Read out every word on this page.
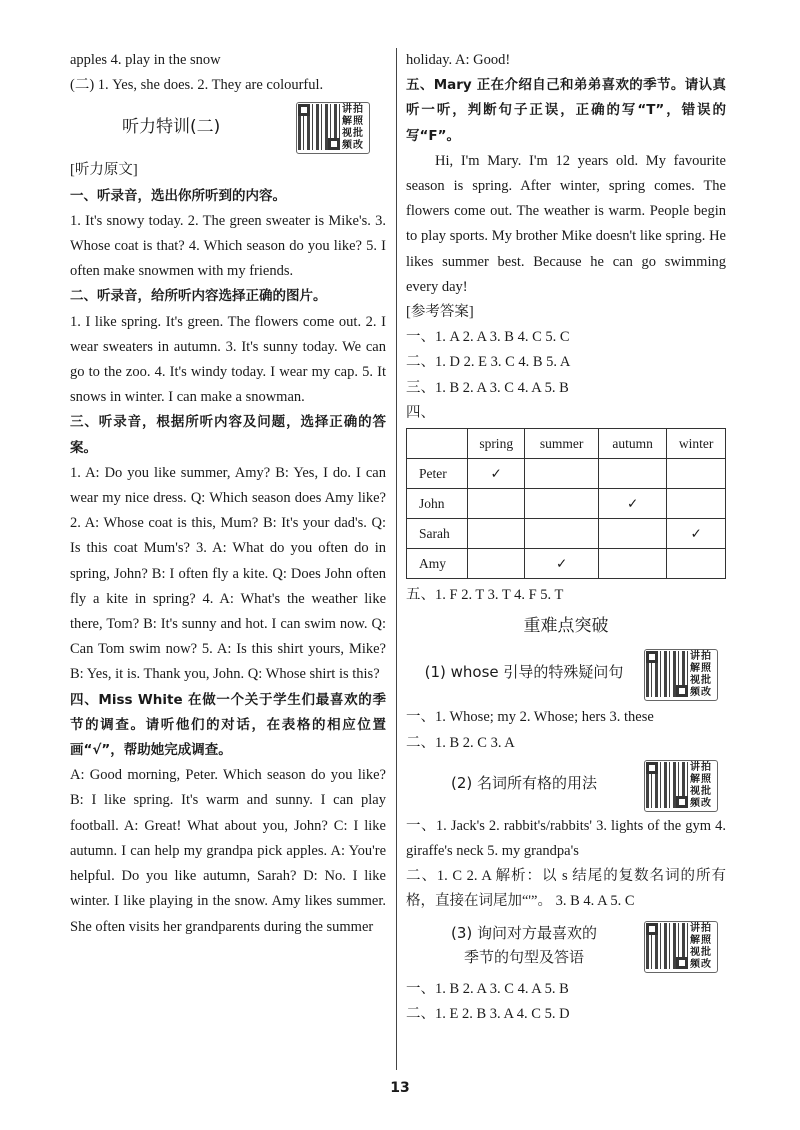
apples 4. play in the snow

(二) 1. Yes, she does. 2. They are colourful.

听力特训(二)
讲拍 解照 视批 频改

[听力原文]

一、听录音，选出你所听到的内容。

1. It's snowy today. 2. The green sweater is Mike's. 3. Whose coat is that? 4. Which season do you like? 5. I often make snowmen with my friends.

二、听录音，给所听内容选择正确的图片。

1. I like spring. It's green. The flowers come out. 2. I wear sweaters in autumn. 3. It's sunny today. We can go to the zoo. 4. It's windy today. I wear my cap. 5. It snows in winter. I can make a snowman.

三、听录音，根据所听内容及问题，选择正确的答案。

1. A: Do you like summer, Amy? B: Yes, I do. I can wear my nice dress. Q: Which season does Amy like? 2. A: Whose coat is this, Mum? B: It's your dad's. Q: Is this coat Mum's? 3. A: What do you often do in spring, John? B: I often fly a kite. Q: Does John often fly a kite in spring? 4. A: What's the weather like there, Tom? B: It's sunny and hot. I can swim now. Q: Can Tom swim now? 5. A: Is this shirt yours, Mike? B: Yes, it is. Thank you, John. Q: Whose shirt is this?

四、Miss White 在做一个关于学生们最喜欢的季节的调查。请听他们的对话，在表格的相应位置画“√”，帮助她完成调查。

A: Good morning, Peter. Which season do you like? B: I like spring. It's warm and sunny. I can play football. A: Great! What about you, John? C: I like autumn. I can help my grandpa pick apples. A: You're helpful. Do you like autumn, Sarah? D: No. I like winter. I like playing in the snow. Amy likes summer. She often visits her grandparents during the summer

holiday. A: Good!

五、Mary 正在介绍自己和弟弟喜欢的季节。请认真听一听，判断句子正误，正确的写“T”，错误的写“F”。

Hi, I'm Mary. I'm 12 years old. My favourite season is spring. After winter, spring comes. The flowers come out. The weather is warm. People begin to play sports. My brother Mike doesn't like spring. He likes summer best. Because he can go swimming every day!

[参考答案]

一、1. A 2. A 3. B 4. C 5. C

二、1. D 2. E 3. C 4. B 5. A

三、1. B 2. A 3. C 4. A 5. B

四、

	spring	summer	autumn	winter
Peter	✓			
John			✓	
Sarah				✓
Amy		✓		

五、1. F 2. T 3. T 4. F 5. T

重难点突破

(1) whose 引导的特殊疑问句
讲拍 解照 视批 频改

一、1. Whose; my 2. Whose; hers 3. these

二、1. B 2. C 3. A

(2) 名词所有格的用法
讲拍 解照 视批 频改

一、1. Jack's 2. rabbit's/rabbits' 3. lights of the gym 4. giraffe's neck 5. my grandpa's

二、1. C 2. A 解析：以 s 结尾的复数名词的所有格，直接在词尾加“'”。 3. B 4. A 5. C

(3) 询问对方最喜欢的
季节的句型及答语
讲拍 解照 视批 频改

一、1. B 2. A 3. C 4. A 5. B

二、1. E 2. B 3. A 4. C 5. D

13
